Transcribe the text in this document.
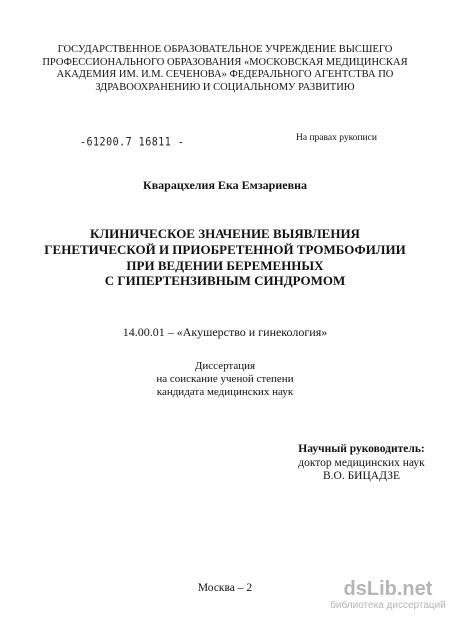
ГОСУДАРСТВЕННОЕ ОБРАЗОВАТЕЛЬНОЕ УЧРЕЖДЕНИЕ ВЫСШЕГО
ПРОФЕССИОНАЛЬНОГО ОБРАЗОВАНИЯ «МОСКОВСКАЯ МЕДИЦИНСКАЯ
АКАДЕМИЯ ИМ. И.М. СЕЧЕНОВА» ФЕДЕРАЛЬНОГО АГЕНТСТВА ПО
ЗДРАВООХРАНЕНИЮ И СОЦИАЛЬНОМУ РАЗВИТИЮ
-61200.7 16811 -	На правах рукописи
Кварацхелия Ека Емзариевна
КЛИНИЧЕСКОЕ ЗНАЧЕНИЕ ВЫЯВЛЕНИЯ
ГЕНЕТИЧЕСКОЙ И ПРИОБРЕТЕННОЙ ТРОМБОФИЛИИ
ПРИ ВЕДЕНИИ БЕРЕМЕННЫХ
С ГИПЕРТЕНЗИВНЫМ СИНДРОМОМ
14.00.01 – «Акушерство и гинекология»
Диссертация
на соискание ученой степени
кандидата медицинских наук
Научный руководитель:
доктор медицинских наук
В.О. БИЦАДЗЕ
Москва – 2	dsLib.net
библиотека диссертаций
